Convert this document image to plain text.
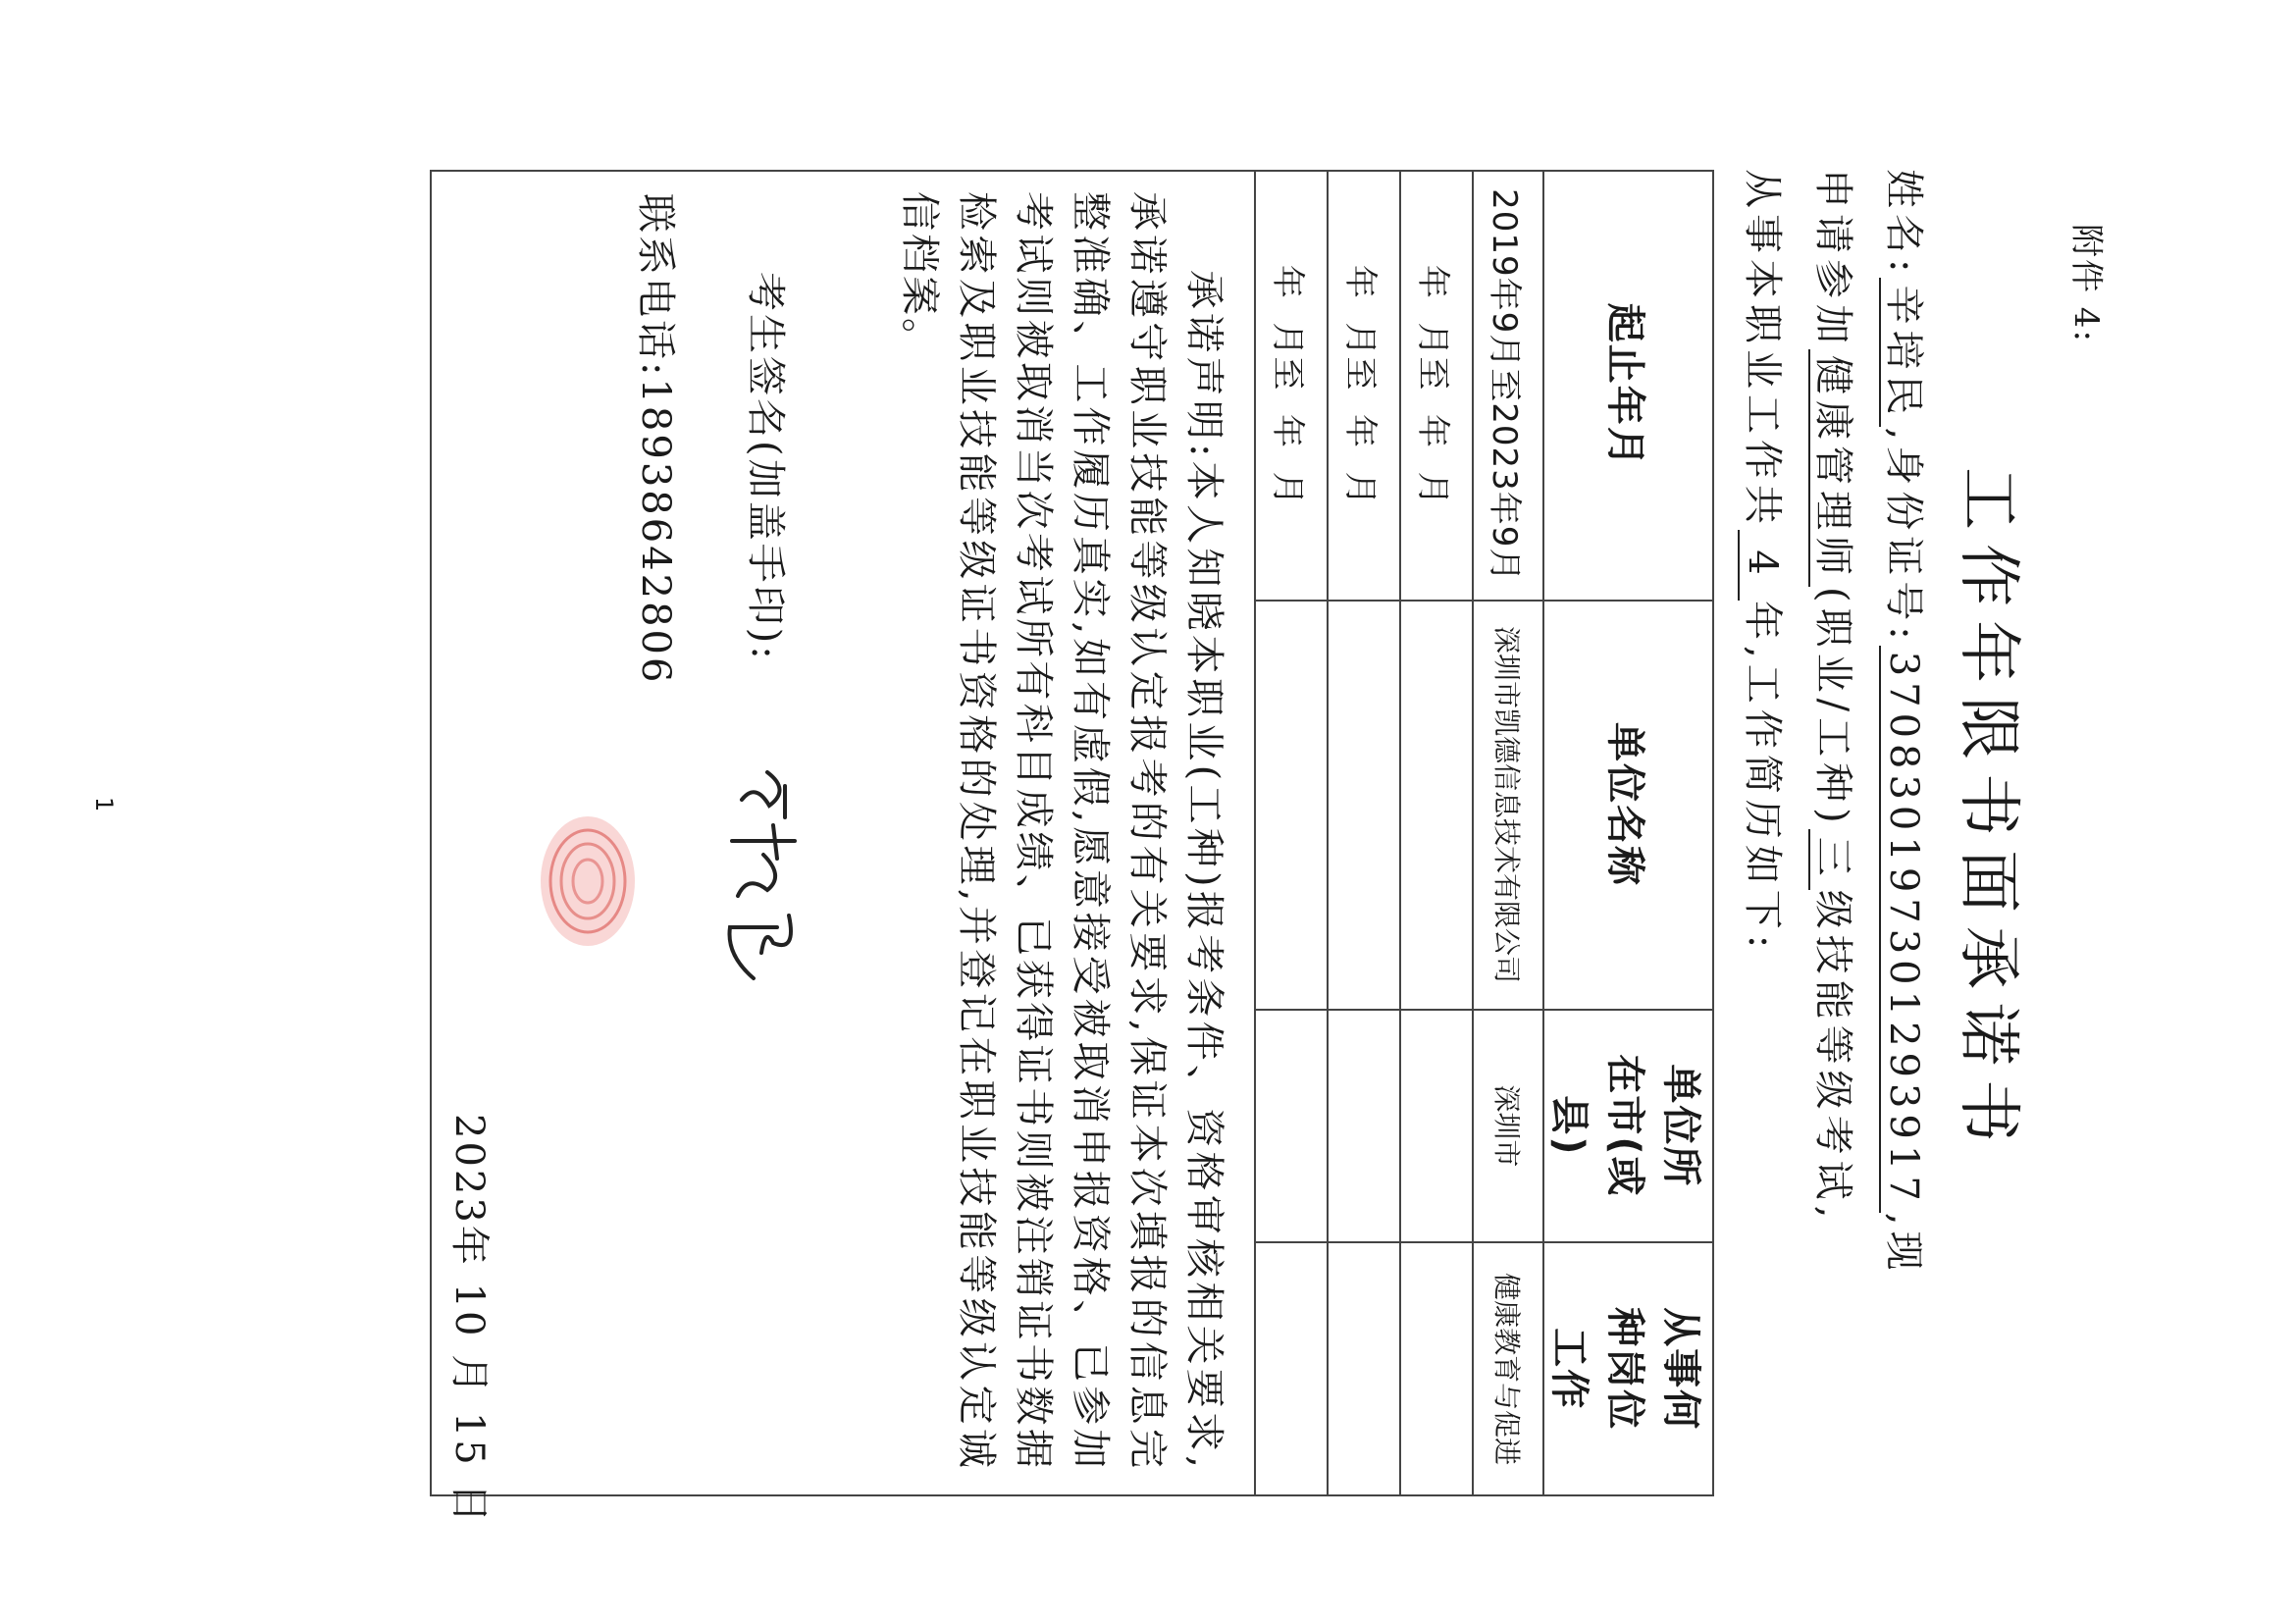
附件 4:
工作年限书面承诺书
姓名:辛培民,身份证号:370830197301293917,现
申请参加健康管理师(职业/工种)三级技能等级考试,
从事本职业工作共4年,工作简历如下:
起止年月	单位名称	单位所在市(或县)	从事何种岗位工作
2019年9月至2023年9月	深圳市凯德信息技术有限公司	深圳市	健康教育与促进
年  月至  年  月			
年  月至  年  月			
年  月至  年  月			

承诺声明:本人知晓本职业(工种)报考条件、资格审核相关要求,承诺遵守职业技能等级认定报考的有关要求,保证本次填报的信息完整准确、工作履历真实,如有虚假,愿意接受被取消申报资格、已参加考试则被取消当次考试所有科目成绩、已获得证书则被注销证书数据检索及职业技能等级证书资格的处理,并登记在职业技能等级认定诚信档案。
考生签名(加盖手印):
联系电话:18938642806
2023年 10 月 15 日			
1
